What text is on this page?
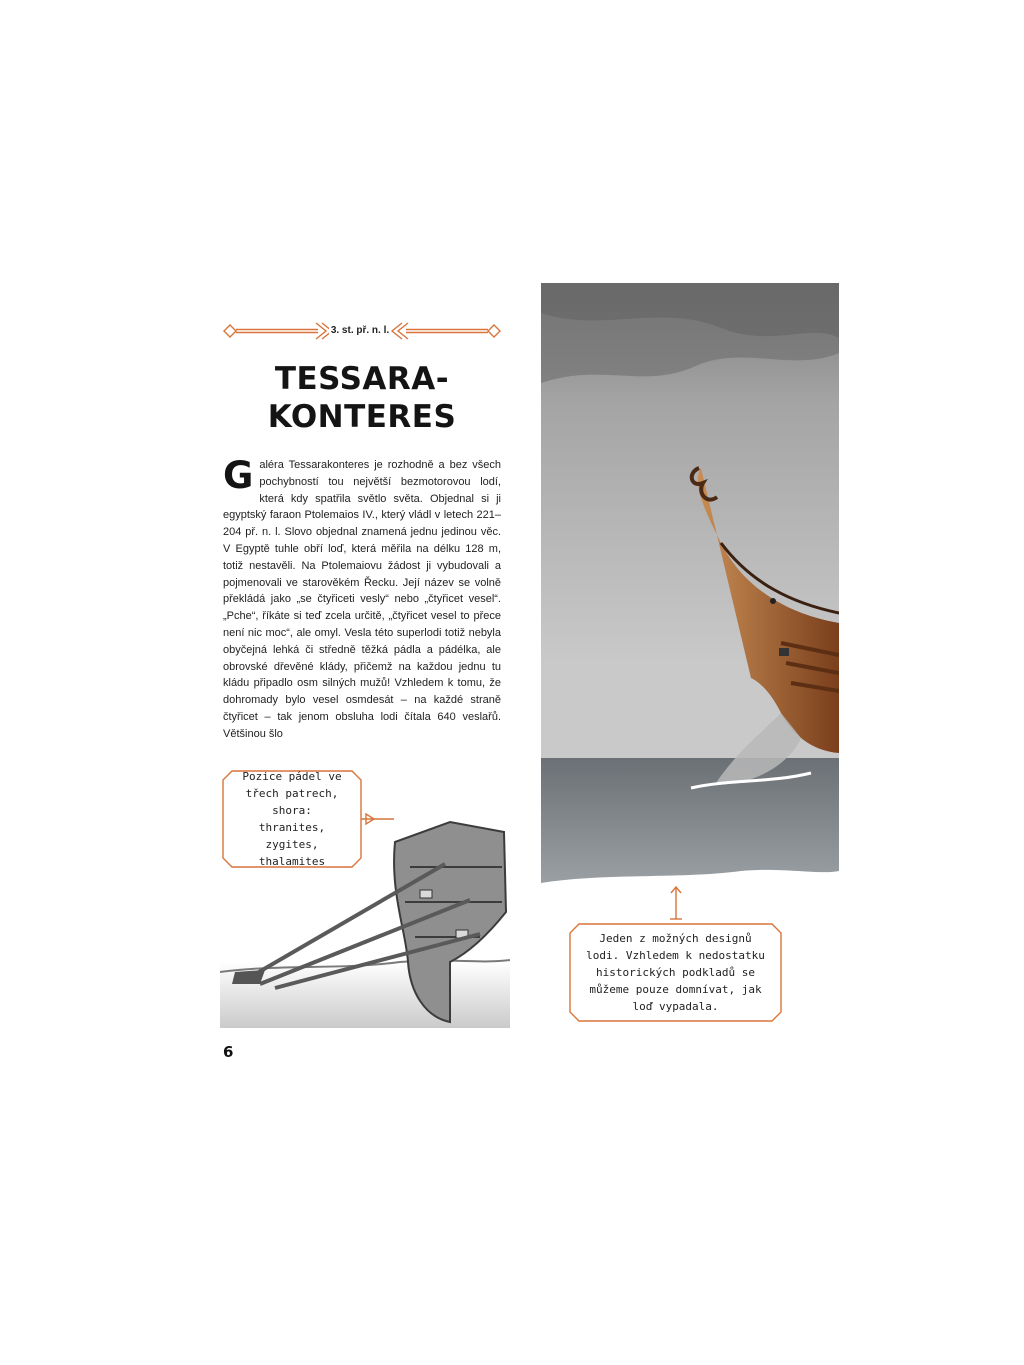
3. st. př. n. l.
TESSARA-
KONTERES

Galéra Tessarakonteres je rozhodně a bez všech pochybností tou největší bezmotorovou lodí, která kdy spatřila světlo světa. Objednal si ji egyptský faraon Ptolemaios IV., který vládl v letech 221–204 př. n. l. Slovo objednal znamená jednu jedinou věc. V Egyptě tuhle obří loď, která měřila na délku 128 m, totiž nestavěli. Na Ptolemaiovu žádost ji vybudovali a pojmenovali ve starověkém Řecku. Její název se volně překládá jako „se čtyřiceti vesly“ nebo „čtyřicet vesel“. „Pche“, říkáte si teď zcela určitě, „čtyřicet vesel to přece není nic moc“, ale omyl. Vesla této superlodi totiž nebyla obyčejná lehká či středně těžká pádla a pádélka, ale obrovské dřevěné klády, přičemž na každou jednu tu kládu připadlo osm silných mužů! Vzhledem k tomu, že dohromady bylo vesel osmdesát – na každé straně čtyřicet – tak jenom obsluha lodi čítala 640 veslařů. Většinou šlo

Pozice pádel ve třech patrech, shora: thranites, zygites, thalamites
Jeden z možných designů lodi. Vzhledem k nedostatku historických podkladů se můžeme pouze domnívat, jak loď vypadala.
6
